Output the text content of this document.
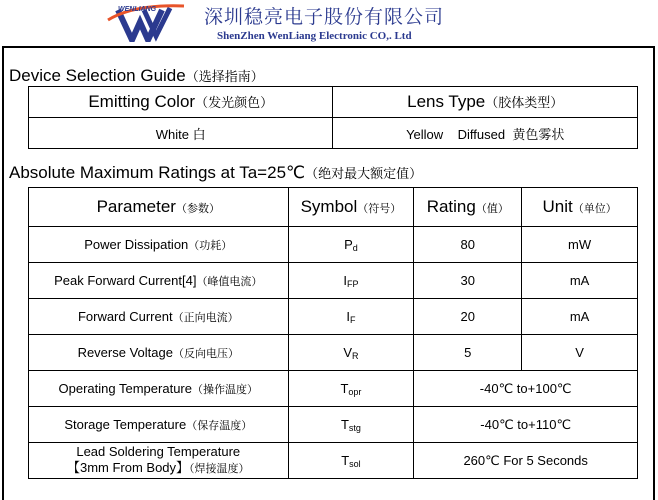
WENLIANG	深圳稳亮电子股份有限公司
ShenZhen WenLiang Electronic CO,. Ltd
Device Selection Guide（选择指南）
Emitting Color（发光颜色）	Lens Type（胶体类型）
White 白	Yellow Diffused 黄色雾状
Absolute Maximum Ratings at Ta=25℃（绝对最大额定值）
Parameter（参数）	Symbol（符号）	Rating（值）	Unit（单位）
Power Dissipation（功耗）	$P_d$	80	mW
Peak Forward Current[4]（峰值电流）	$I_{FP}$	30	mA
Forward Current（正向电流）	$I_F$	20	mA
Reverse Voltage（反向电压）	$V_R$	5	V
Operating Temperature（操作温度）	$T_{opr}$	-40℃ to+100℃	
Storage Temperature（保存温度）	$T_{stg}$	-40℃ to+110℃	
Lead Soldering Temperature
【3mm From Body】（焊接温度）	$T_{sol}$	260℃ For 5 Seconds	
